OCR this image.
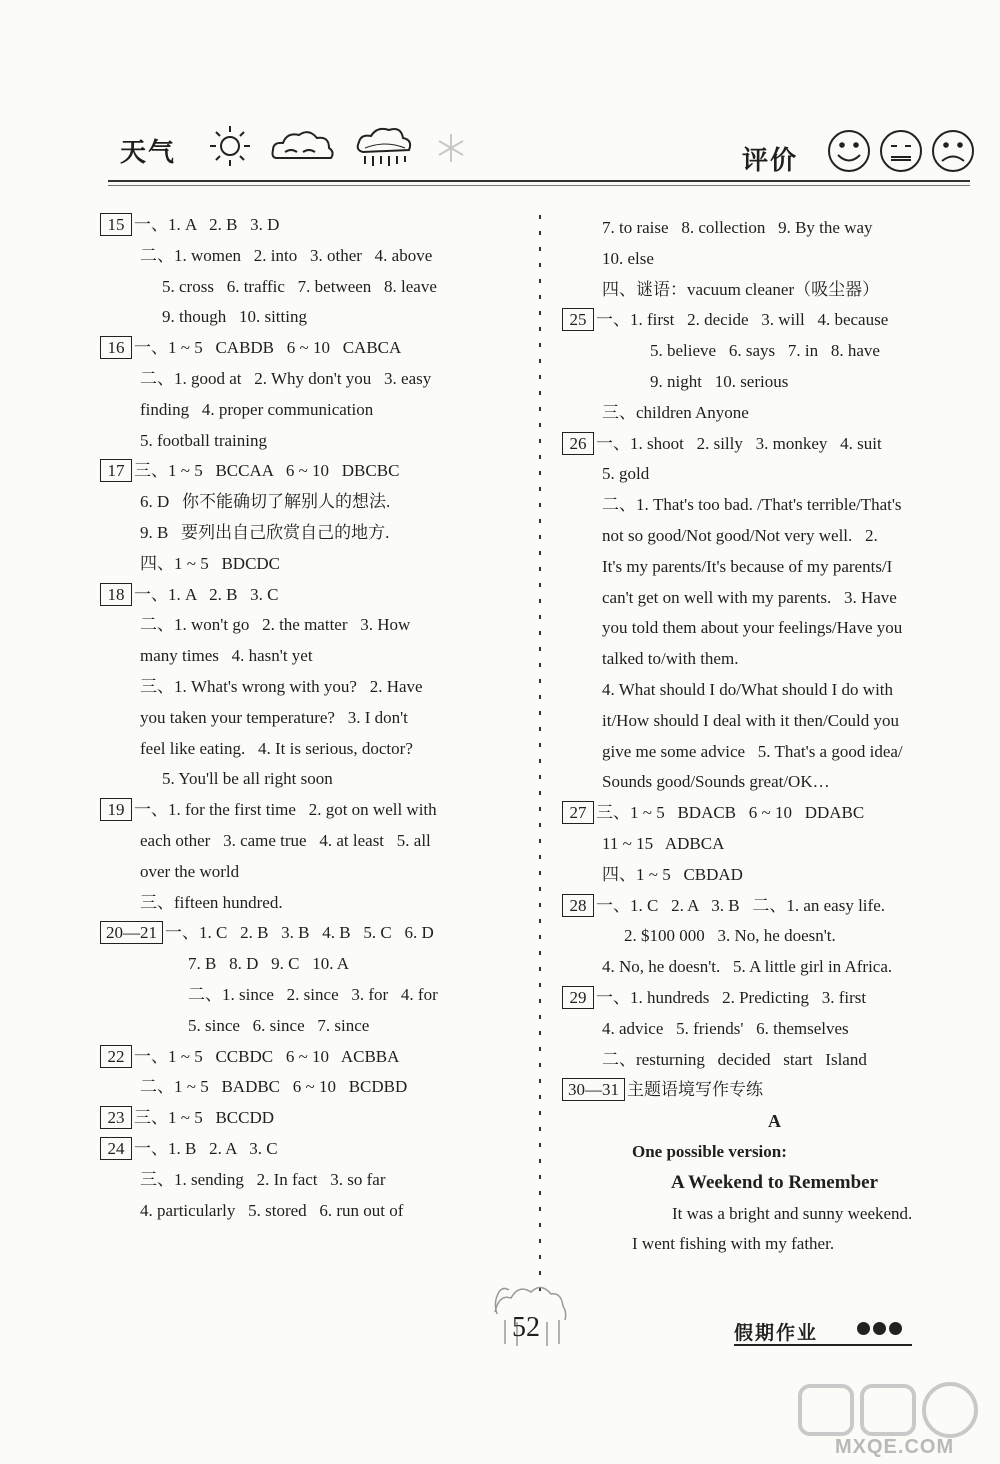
天气	评价
15 一、1. A   2. B   3. D
二、1. women   2. into   3. other   4. above
5. cross   6. traffic   7. between   8. leave
9. though   10. sitting
16 一、1 ~ 5   CABDB   6 ~ 10   CABCA
二、1. good at   2. Why don't you   3. easy
finding   4. proper communication
5. football training
17 三、1 ~ 5   BCCAA   6 ~ 10   DBCBC
6. D   你不能确切了解别人的想法.
9. B   要列出自己欣赏自己的地方.
四、1 ~ 5   BDCDC
18 一、1. A   2. B   3. C
二、1. won't go   2. the matter   3. How
many times   4. hasn't yet
三、1. What's wrong with you?   2. Have
you taken your temperature?   3. I don't
feel like eating.   4. It is serious, doctor?
5. You'll be all right soon
19 一、1. for the first time   2. got on well with
each other   3. came true   4. at least   5. all
over the world
三、fifteen hundred.
20—21 一、1. C   2. B   3. B   4. B   5. C   6. D
7. B   8. D   9. C   10. A
二、1. since   2. since   3. for   4. for
5. since   6. since   7. since
22 一、1 ~ 5   CCBDC   6 ~ 10   ACBBA
二、1 ~ 5   BADBC   6 ~ 10   BCDBD
23 三、1 ~ 5   BCCDD
24 一、1. B   2. A   3. C
三、1. sending   2. In fact   3. so far
4. particularly   5. stored   6. run out of
7. to raise   8. collection   9. By the way
10. else
四、谜语：vacuum cleaner（吸尘器）
25 一、1. first   2. decide   3. will   4. because
5. believe   6. says   7. in   8. have
9. night   10. serious
三、children Anyone
26 一、1. shoot   2. silly   3. monkey   4. suit
5. gold
二、1. That's too bad. /That's terrible/That's
not so good/Not good/Not very well.   2.
It's my parents/It's because of my parents/I
can't get on well with my parents.   3. Have
you told them about your feelings/Have you
talked to/with them.
4. What should I do/What should I do with
it/How should I deal with it then/Could you
give me some advice   5. That's a good idea/
Sounds good/Sounds great/OK…
27 三、1 ~ 5   BDACB   6 ~ 10   DDABC
11 ~ 15   ADBCA
四、1 ~ 5   CBDAD
28 一、1. C   2. A   3. B   二、1. an easy life.
2. $100 000   3. No, he doesn't.
4. No, he doesn't.   5. A little girl in Africa.
29 一、1. hundreds   2. Predicting   3. first
4. advice   5. friends'   6. themselves
二、resturning   decided   start   Island
30—31 主题语境写作专练
A
One possible version:
A Weekend to Remember
It was a bright and sunny weekend.
I went fishing with my father.
52	假期作业
MXQE.COM
